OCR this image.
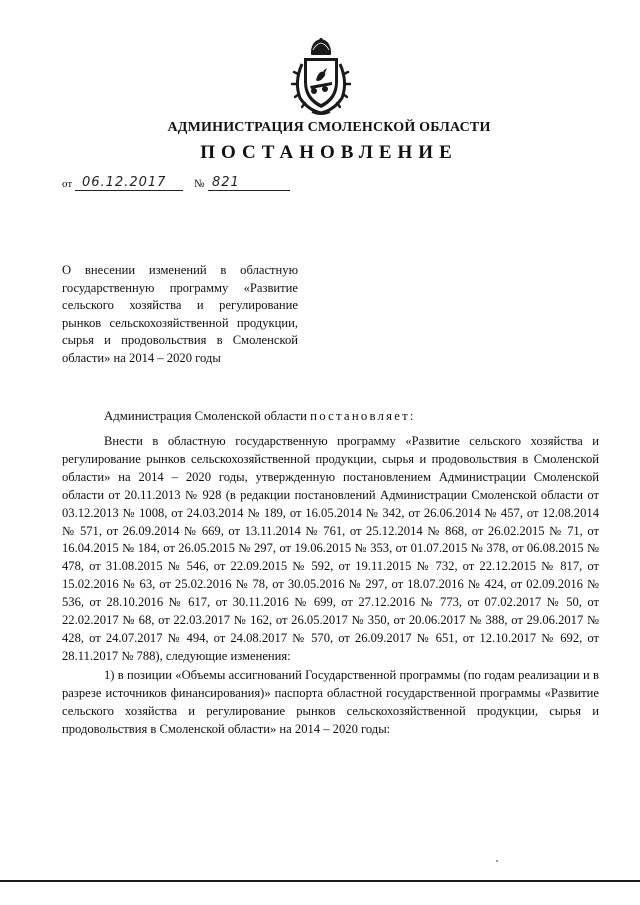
АДМИНИСТРАЦИЯ СМОЛЕНСКОЙ ОБЛАСТИ
ПОСТАНОВЛЕНИЕ
от 06.12.2017	№ 821
О внесении изменений в областную государственную программу «Развитие сельского хозяйства и регулирование рынков сельскохозяйственной продукции, сырья и продовольствия в Смоленской области» на 2014 – 2020 годы
Администрация Смоленской области постановляет:

Внести в областную государственную программу «Развитие сельского хозяйства и регулирование рынков сельскохозяйственной продукции, сырья и продовольствия в Смоленской области» на 2014 – 2020 годы, утвержденную постановлением Администрации Смоленской области от 20.11.2013 № 928 (в редакции постановлений Администрации Смоленской области от 03.12.2013 № 1008, от 24.03.2014 № 189, от 16.05.2014 № 342, от 26.06.2014 № 457, от 12.08.2014 № 571, от 26.09.2014 № 669, от 13.11.2014 № 761, от 25.12.2014 № 868, от 26.02.2015 № 71, от 16.04.2015 № 184, от 26.05.2015 № 297, от 19.06.2015 № 353, от 01.07.2015 № 378, от 06.08.2015 № 478, от 31.08.2015 № 546, от 22.09.2015 № 592, от 19.11.2015 № 732, от 22.12.2015 № 817, от 15.02.2016 № 63, от 25.02.2016 № 78, от 30.05.2016 № 297, от 18.07.2016 № 424, от 02.09.2016 № 536, от 28.10.2016 № 617, от 30.11.2016 № 699, от 27.12.2016 № 773, от 07.02.2017 № 50, от 22.02.2017 № 68, от 22.03.2017 № 162, от 26.05.2017 № 350, от 20.06.2017 № 388, от 29.06.2017 № 428, от 24.07.2017 № 494, от 24.08.2017 № 570, от 26.09.2017 № 651, от 12.10.2017 № 692, от 28.11.2017 № 788), следующие изменения:

1) в позиции «Объемы ассигнований Государственной программы (по годам реализации и в разрезе источников финансирования)» паспорта областной государственной программы «Развитие сельского хозяйства и регулирование рынков сельскохозяйственной продукции, сырья и продовольствия в Смоленской области» на 2014 – 2020 годы:
